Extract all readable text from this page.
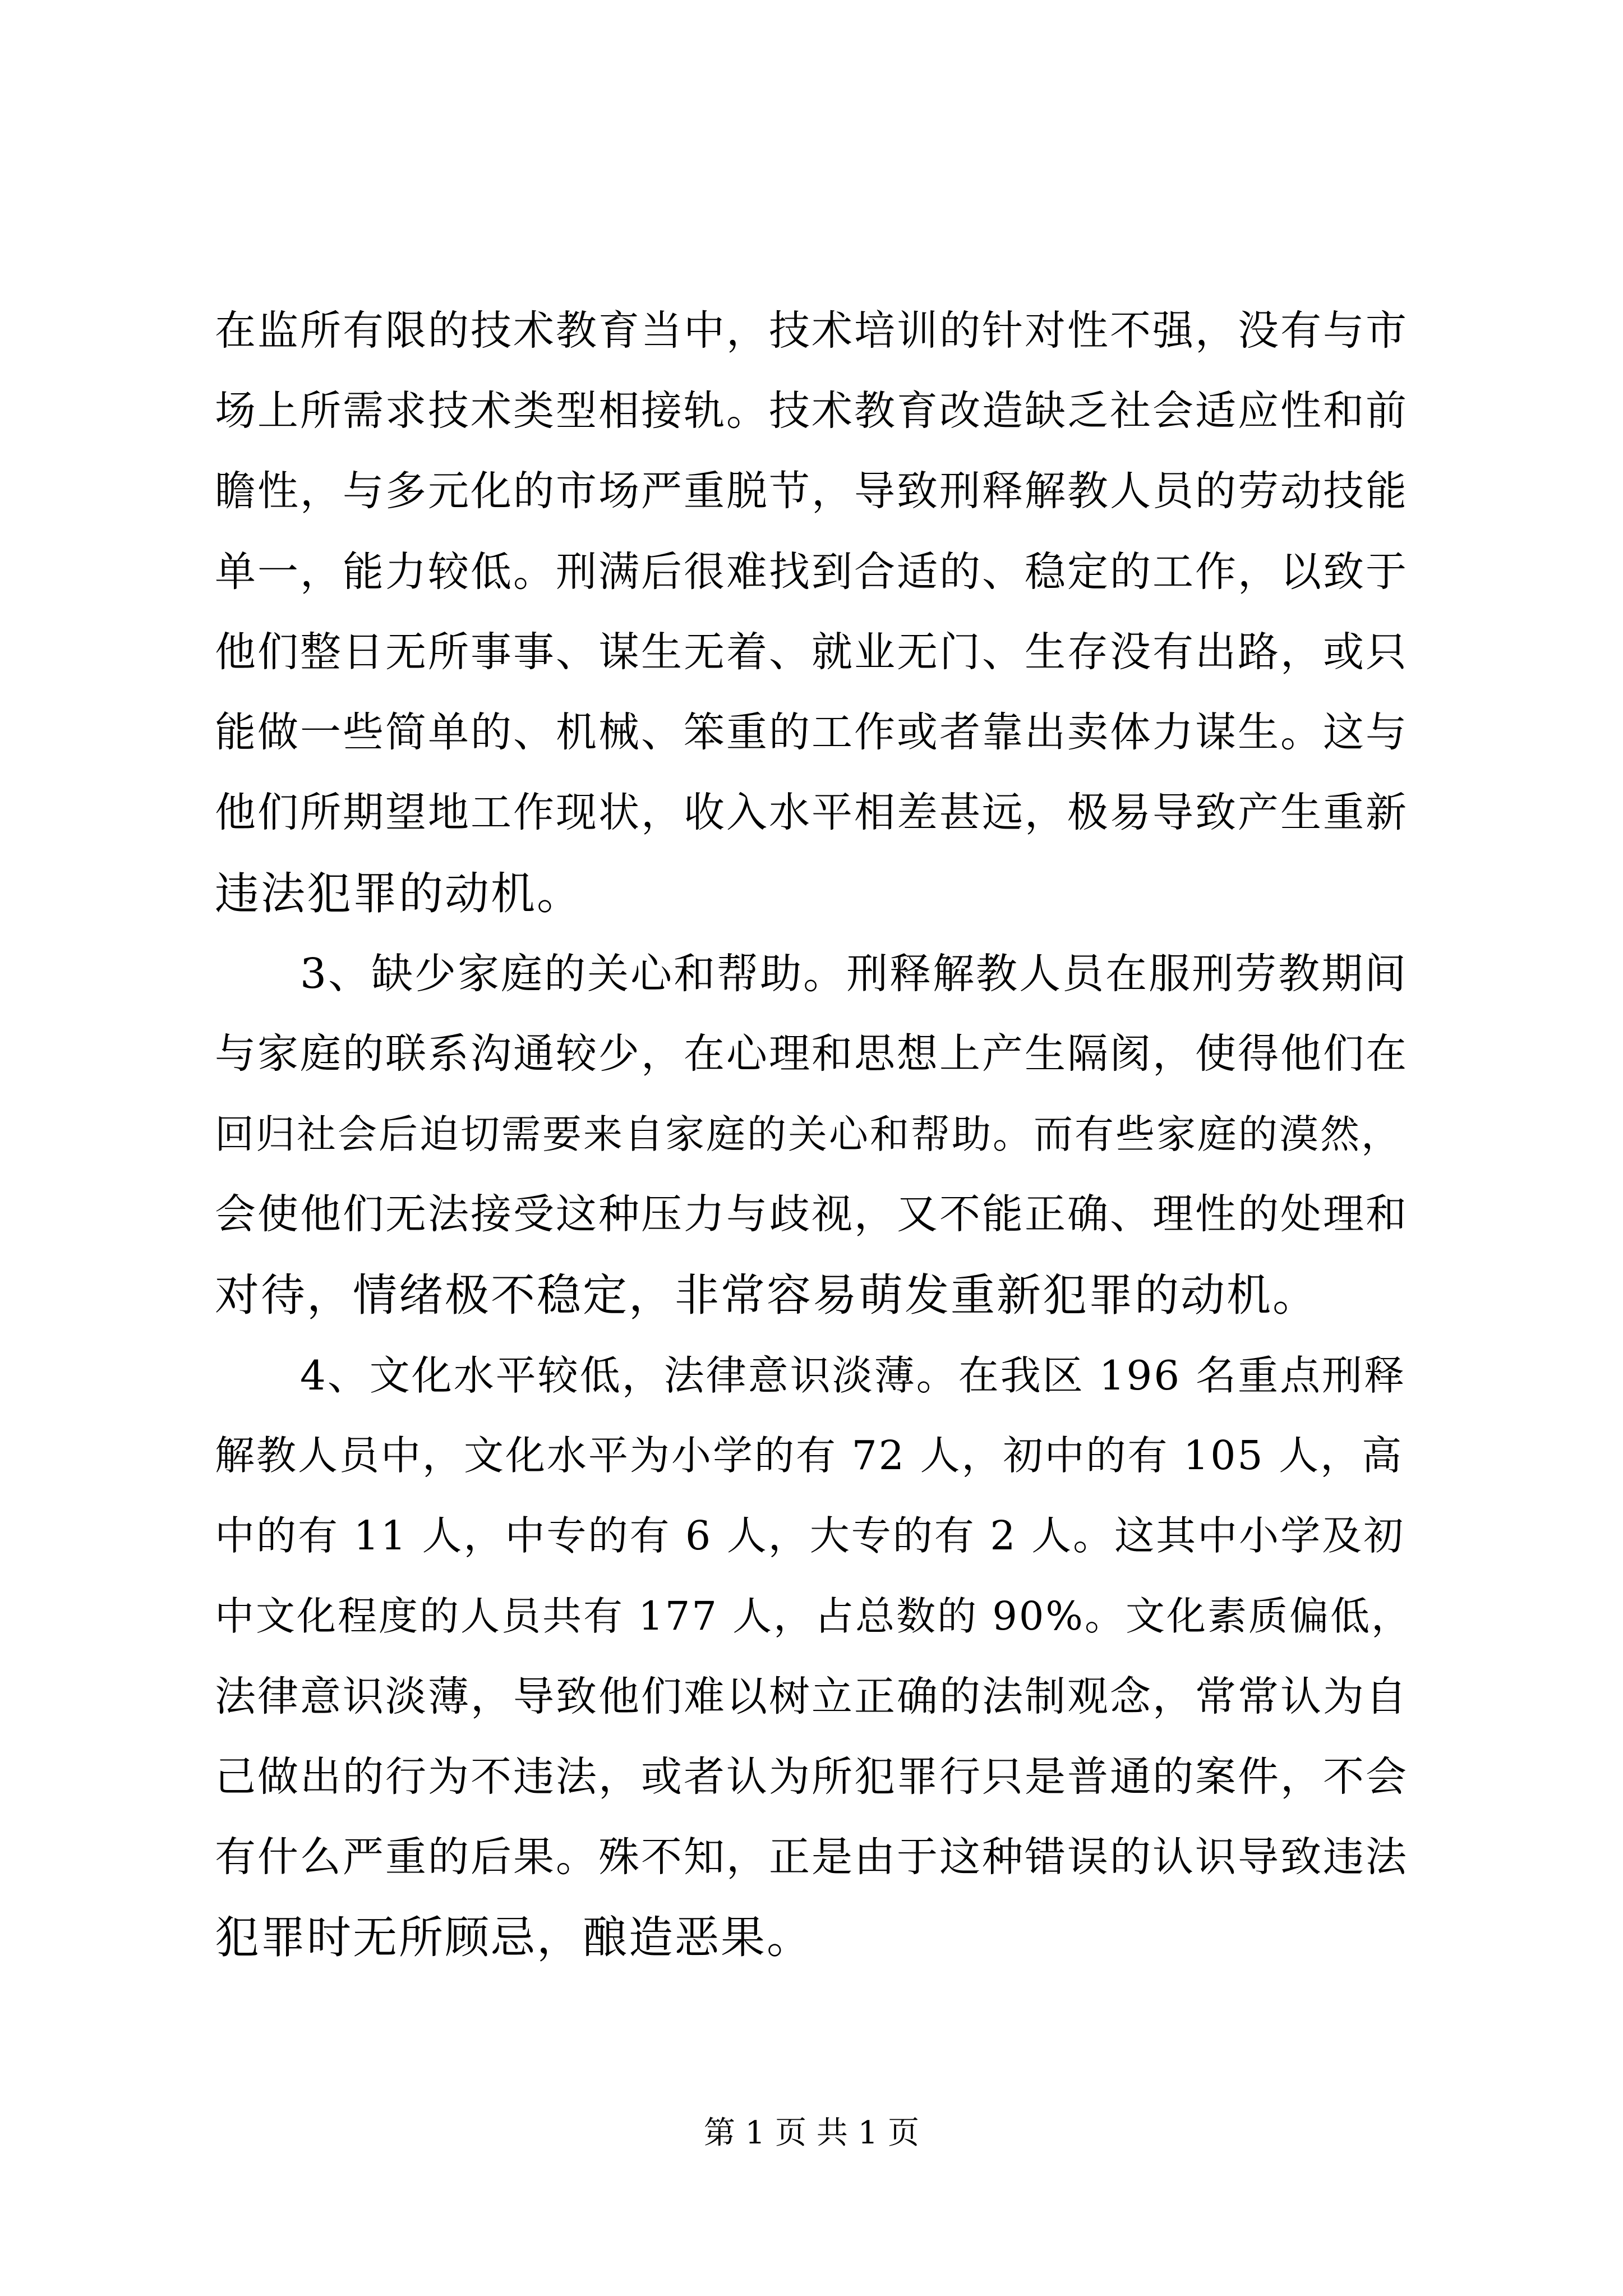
在监所有限的技术教育当中，技术培训的针对性不强，没有与市
场上所需求技术类型相接轨。技术教育改造缺乏社会适应性和前
瞻性，与多元化的市场严重脱节，导致刑释解教人员的劳动技能
单一，能力较低。刑满后很难找到合适的、稳定的工作，以致于
他们整日无所事事、谋生无着、就业无门、生存没有出路，或只
能做一些简单的、机械、笨重的工作或者靠出卖体力谋生。这与
他们所期望地工作现状，收入水平相差甚远，极易导致产生重新
违法犯罪的动机。
3、缺少家庭的关心和帮助。刑释解教人员在服刑劳教期间
与家庭的联系沟通较少，在心理和思想上产生隔阂，使得他们在
回归社会后迫切需要来自家庭的关心和帮助。而有些家庭的漠然，
会使他们无法接受这种压力与歧视，又不能正确、理性的处理和
对待，情绪极不稳定，非常容易萌发重新犯罪的动机。
4、文化水平较低，法律意识淡薄。在我区 196 名重点刑释
解教人员中，文化水平为小学的有 72 人，初中的有 105 人，高
中的有 11 人，中专的有 6 人，大专的有 2 人。这其中小学及初
中文化程度的人员共有 177 人，占总数的 90%。文化素质偏低，
法律意识淡薄，导致他们难以树立正确的法制观念，常常认为自
己做出的行为不违法，或者认为所犯罪行只是普通的案件，不会
有什么严重的后果。殊不知，正是由于这种错误的认识导致违法
犯罪时无所顾忌，酿造恶果。
第 1 页 共 1 页
